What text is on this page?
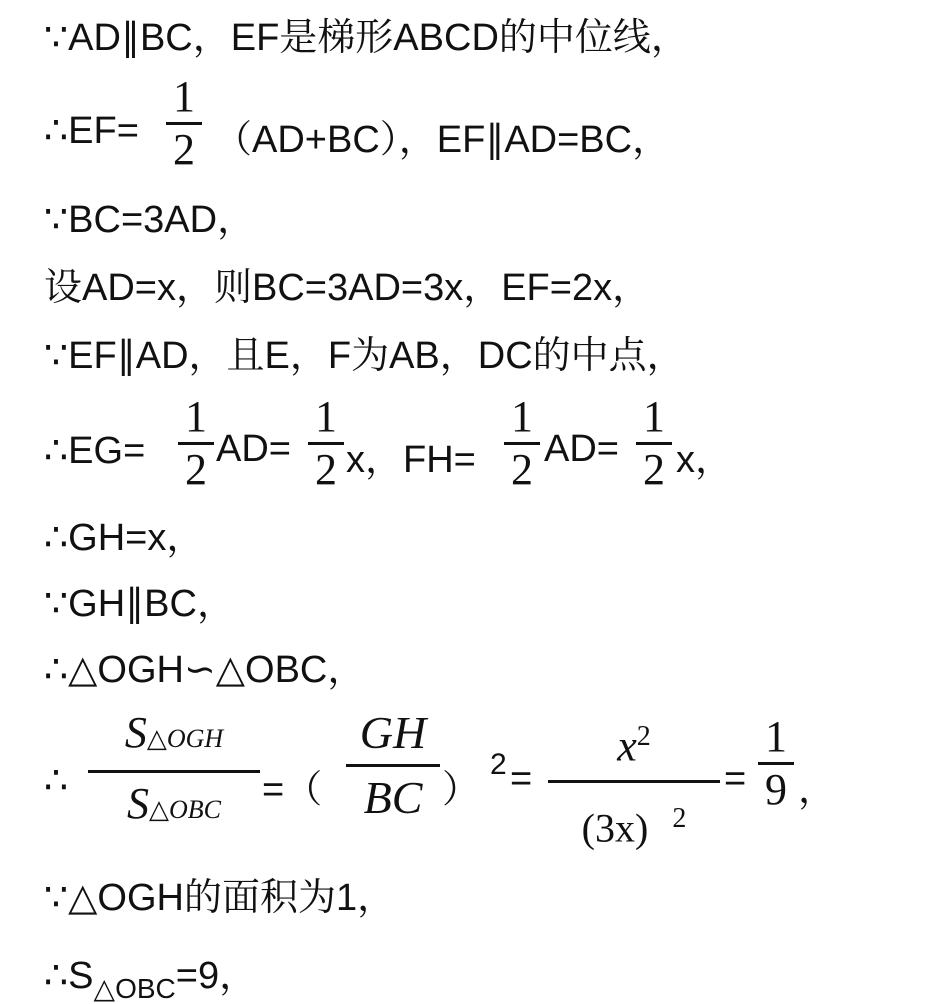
∵AD∥BC，EF是梯形ABCD的中位线，
∴EF=
1
2 （AD+BC），EF∥AD=BC，
∵BC=3AD，
设AD=x，则BC=3AD=3x，EF=2x，
∵EF∥AD，且E，F为AB，DC的中点，
∴EG=
1
2 AD=
1
2 x，FH=
1
2 AD=
1
2 x，
∴GH=x，
∵GH∥BC，
∴△OGH∽△OBC，
∴
S△OGH
S△OBC	=（
GH
BC ）
2 =
$x^2$
(3x) $^2$
=
1
9 ，
∵△OGH的面积为1，
$\therefore S_{\triangle OBC}=9$，
